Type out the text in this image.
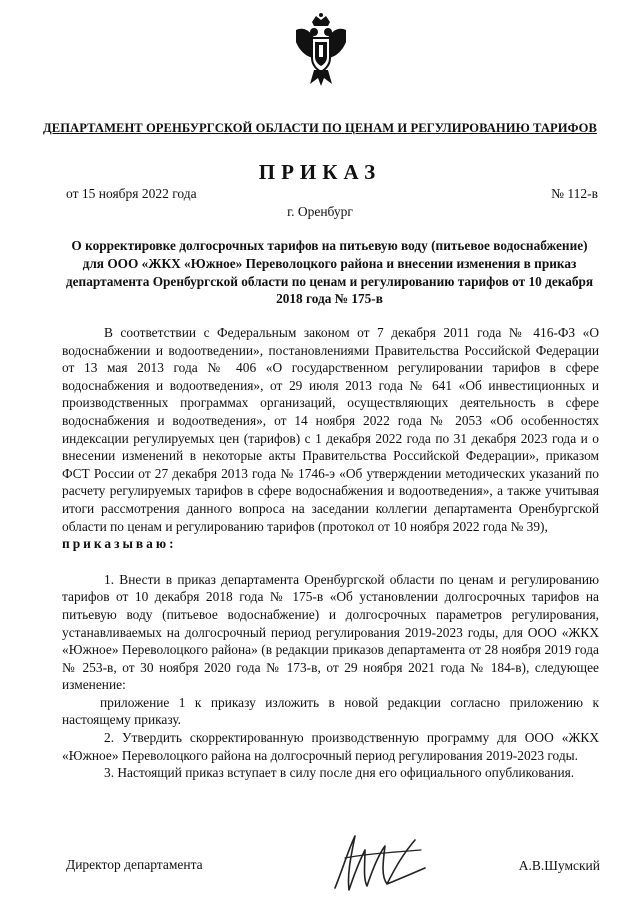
ДЕПАРТАМЕНТ ОРЕНБУРГСКОЙ ОБЛАСТИ ПО ЦЕНАМ И РЕГУЛИРОВАНИЮ ТАРИФОВ
ПРИКАЗ
от 15 ноября 2022 года	№ 112-в
г. Оренбург
О корректировке долгосрочных тарифов на питьевую воду (питьевое водоснабжение) для ООО «ЖКХ «Южное» Переволоцкого района и внесении изменения в приказ департамента Оренбургской области по ценам и регулированию тарифов от 10 декабря 2018 года № 175-в

В соответствии с Федеральным законом от 7 декабря 2011 года № 416-ФЗ «О водоснабжении и водоотведении», постановлениями Правительства Российской Федерации от 13 мая 2013 года № 406 «О государственном регулировании тарифов в сфере водоснабжения и водоотведения», от 29 июля 2013 года № 641 «Об инвестиционных и производственных программах организаций, осуществляющих деятельность в сфере водоснабжения и водоотведения», от 14 ноября 2022 года № 2053 «Об особенностях индексации регулируемых цен (тарифов) с 1 декабря 2022 года по 31 декабря 2023 года и о внесении изменений в некоторые акты Правительства Российской Федерации», приказом ФСТ России от 27 декабря 2013 года № 1746-э «Об утверждении методических указаний по расчету регулируемых тарифов в сфере водоснабжения и водоотведения», а также учитывая итоги рассмотрения данного вопроса на заседании коллегии департамента Оренбургской области по ценам и регулированию тарифов (протокол от 10 ноября 2022 года № 39),

приказываю:

1. Внести в приказ департамента Оренбургской области по ценам и регулированию тарифов от 10 декабря 2018 года № 175-в «Об установлении долгосрочных тарифов на питьевую воду (питьевое водоснабжение) и долгосрочных параметров регулирования, устанавливаемых на долгосрочный период регулирования 2019-2023 годы, для ООО «ЖКХ «Южное» Переволоцкого района» (в редакции приказов департамента от 28 ноября 2019 года № 253-в, от 30 ноября 2020 года № 173-в, от 29 ноября 2021 года № 184-в), следующее изменение:

приложение 1 к приказу изложить в новой редакции согласно приложению к настоящему приказу.

2. Утвердить скорректированную производственную программу для ООО «ЖКХ «Южное» Переволоцкого района на долгосрочный период регулирования 2019-2023 годы.

3. Настоящий приказ вступает в силу после дня его официального опубликования.

Директор департамента	А.В.Шумский
